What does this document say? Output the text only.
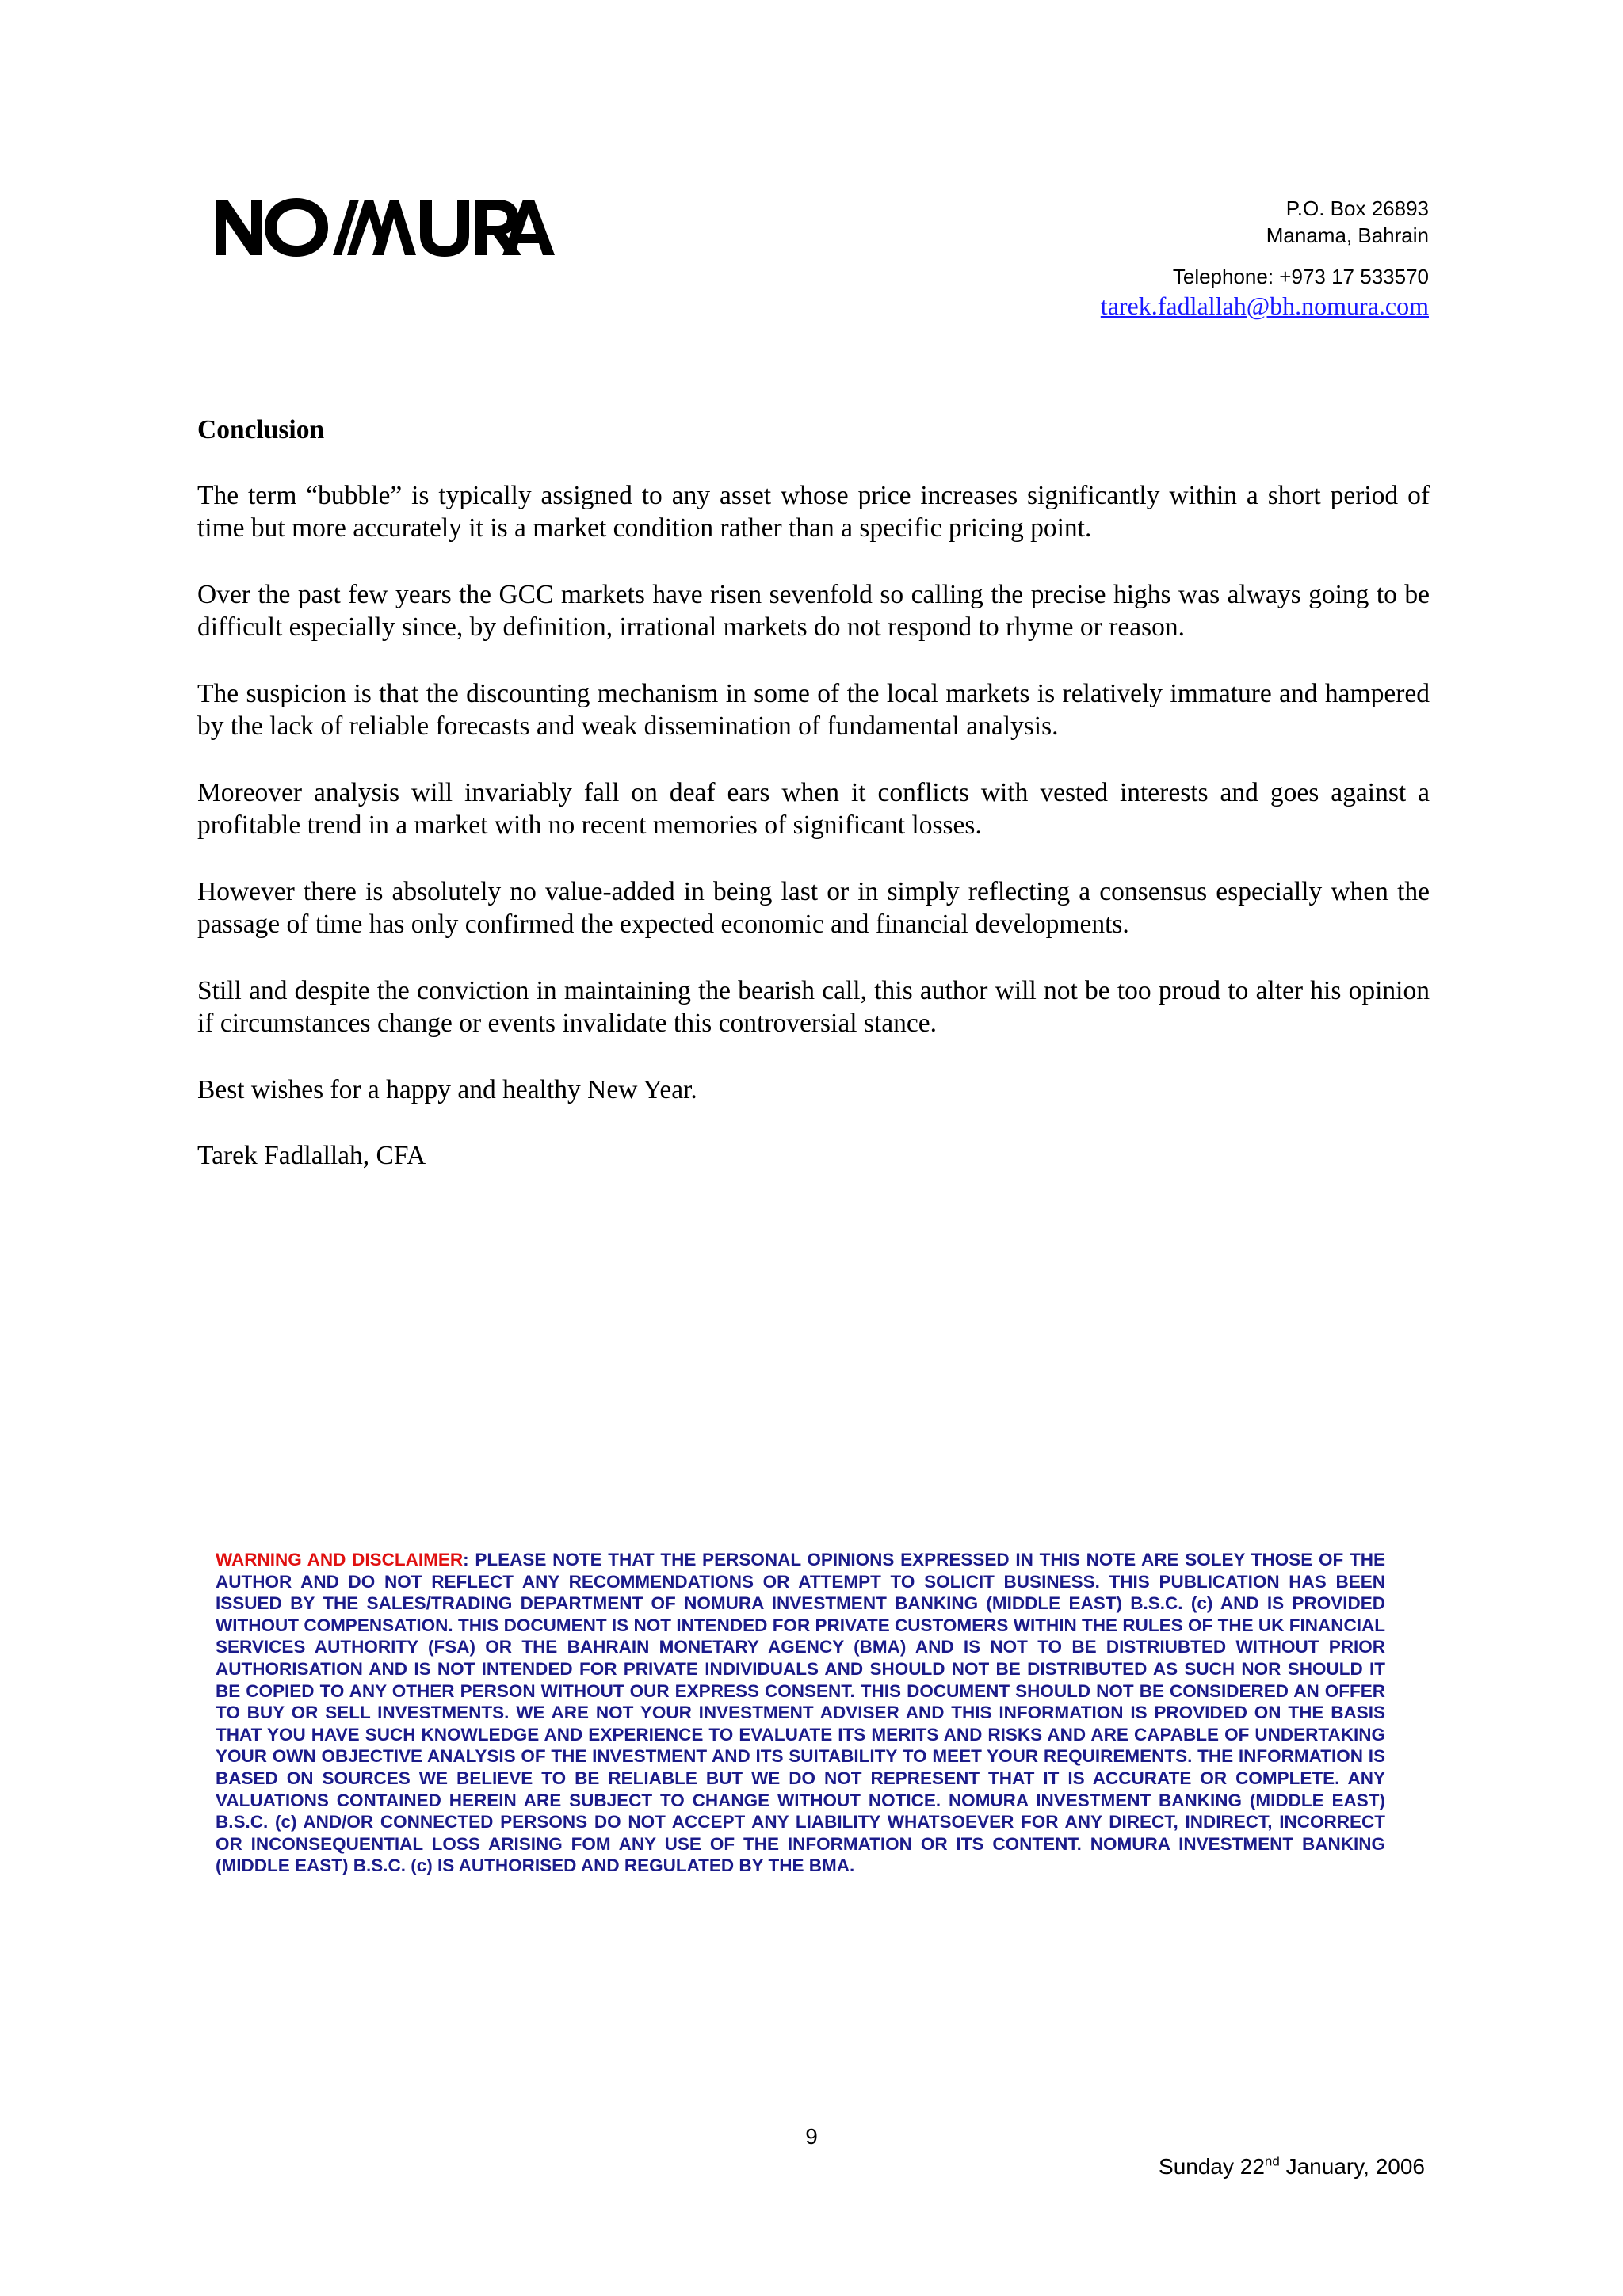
P.O. Box 26893
Manama, Bahrain
Telephone: +973 17 533570
tarek.fadlallah@bh.nomura.com
Conclusion

The term “bubble” is typically assigned to any asset whose price increases significantly within a short period of time but more accurately it is a market condition rather than a specific pricing point.

Over the past few years the GCC markets have risen sevenfold so calling the precise highs was always going to be difficult especially since, by definition, irrational markets do not respond to rhyme or reason.

The suspicion is that the discounting mechanism in some of the local markets is relatively immature and hampered by the lack of reliable forecasts and weak dissemination of fundamental analysis.

Moreover analysis will invariably fall on deaf ears when it conflicts with vested interests and goes against a profitable trend in a market with no recent memories of significant losses.

However there is absolutely no value-added in being last or in simply reflecting a consensus especially when the passage of time has only confirmed the expected economic and financial developments.

Still and despite the conviction in maintaining the bearish call, this author will not be too proud to alter his opinion if circumstances change or events invalidate this controversial stance.

Best wishes for a happy and healthy New Year.

Tarek Fadlallah, CFA

WARNING AND DISCLAIMER: PLEASE NOTE THAT THE PERSONAL OPINIONS EXPRESSED IN THIS NOTE ARE SOLEY THOSE OF THE AUTHOR AND DO NOT REFLECT ANY RECOMMENDATIONS OR ATTEMPT TO SOLICIT BUSINESS. THIS PUBLICATION HAS BEEN ISSUED BY THE SALES/TRADING DEPARTMENT OF NOMURA INVESTMENT BANKING (MIDDLE EAST) B.S.C. (c) AND IS PROVIDED WITHOUT COMPENSATION. THIS DOCUMENT IS NOT INTENDED FOR PRIVATE CUSTOMERS WITHIN THE RULES OF THE UK FINANCIAL SERVICES AUTHORITY (FSA) OR THE BAHRAIN MONETARY AGENCY (BMA) AND IS NOT TO BE DISTRIUBTED WITHOUT PRIOR AUTHORISATION AND IS NOT INTENDED FOR PRIVATE INDIVIDUALS AND SHOULD NOT BE DISTRIBUTED AS SUCH NOR SHOULD IT BE COPIED TO ANY OTHER PERSON WITHOUT OUR EXPRESS CONSENT. THIS DOCUMENT SHOULD NOT BE CONSIDERED AN OFFER TO BUY OR SELL INVESTMENTS. WE ARE NOT YOUR INVESTMENT ADVISER AND THIS INFORMATION IS PROVIDED ON THE BASIS THAT YOU HAVE SUCH KNOWLEDGE AND EXPERIENCE TO EVALUATE ITS MERITS AND RISKS AND ARE CAPABLE OF UNDERTAKING YOUR OWN OBJECTIVE ANALYSIS OF THE INVESTMENT AND ITS SUITABILITY TO MEET YOUR REQUIREMENTS. THE INFORMATION IS BASED ON SOURCES WE BELIEVE TO BE RELIABLE BUT WE DO NOT REPRESENT THAT IT IS ACCURATE OR COMPLETE. ANY VALUATIONS CONTAINED HEREIN ARE SUBJECT TO CHANGE WITHOUT NOTICE. NOMURA INVESTMENT BANKING (MIDDLE EAST) B.S.C. (c) AND/OR CONNECTED PERSONS DO NOT ACCEPT ANY LIABILITY WHATSOEVER FOR ANY DIRECT, INDIRECT, INCORRECT OR INCONSEQUENTIAL LOSS ARISING FOM ANY USE OF THE INFORMATION OR ITS CONTENT. NOMURA INVESTMENT BANKING (MIDDLE EAST) B.S.C. (c) IS AUTHORISED AND REGULATED BY THE BMA.
9
Sunday 22nd January, 2006
